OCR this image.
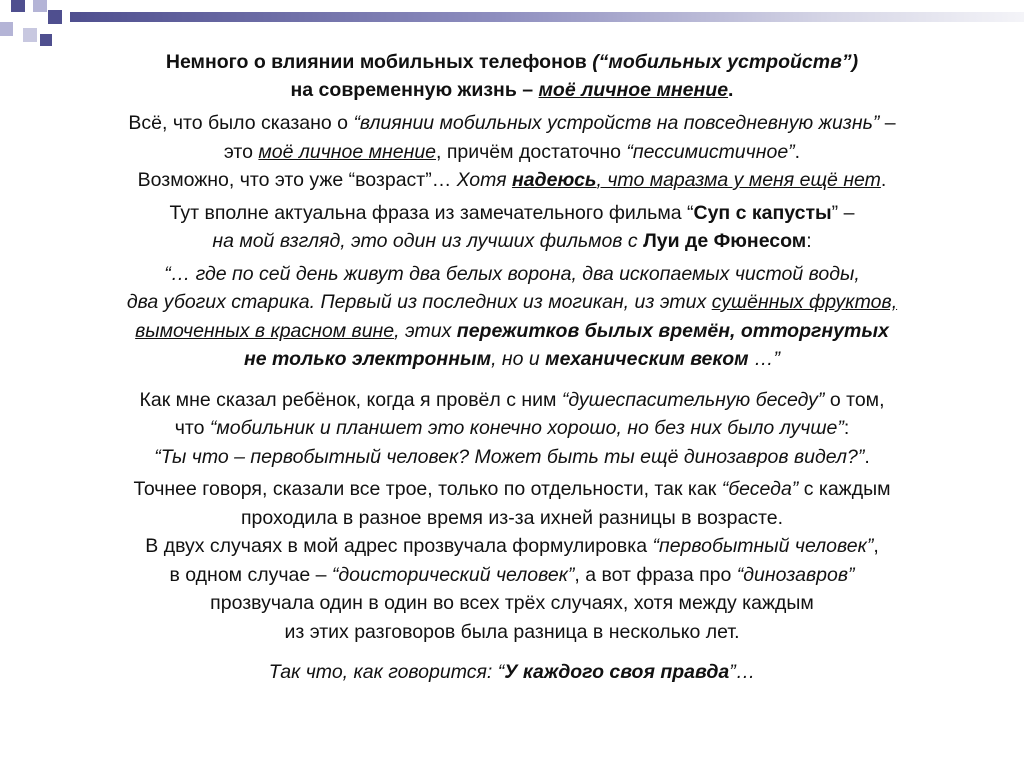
Немного о влиянии мобильных телефонов (“мобильных устройств”)
на современную жизнь – моё личное мнение.
Всё, что было сказано о “влиянии мобильных устройств на повседневную жизнь” –
это моё личное мнение, причём достаточно “пессимистичное”.
Возможно, что это уже “возраст”… Хотя надеюсь, что маразма у меня ещё нет.
Тут вполне актуальна фраза из замечательного фильма “Суп с капусты” –
на мой взгляд, это один из лучших фильмов с Луи де Фюнесом:
“… где по сей день живут два белых ворона, два ископаемых чистой воды,
два убогих старика. Первый из последних из могикан, из этих сушённых фруктов,
вымоченных в красном вине, этих пережитков былых времён, отторгнутых
не только электронным, но и механическим веком …”
Как мне сказал ребёнок, когда я провёл с ним “душеспасительную беседу” о том,
что “мобильник и планшет это конечно хорошо, но без них было лучше”:
“Ты что – первобытный человек? Может быть ты ещё динозавров видел?”.
Точнее говоря, сказали все трое, только по отдельности, так как “беседа” с каждым
проходила в разное время из-за ихней разницы в возрасте.
В двух случаях в мой адрес прозвучала формулировка “первобытный человек”,
в одном случае – “доисторический человек”, а вот фраза про “динозавров”
прозвучала один в один во всех трёх случаях, хотя между каждым
из этих разговоров была разница в несколько лет.
Так что, как говорится: “У каждого своя правда”…
